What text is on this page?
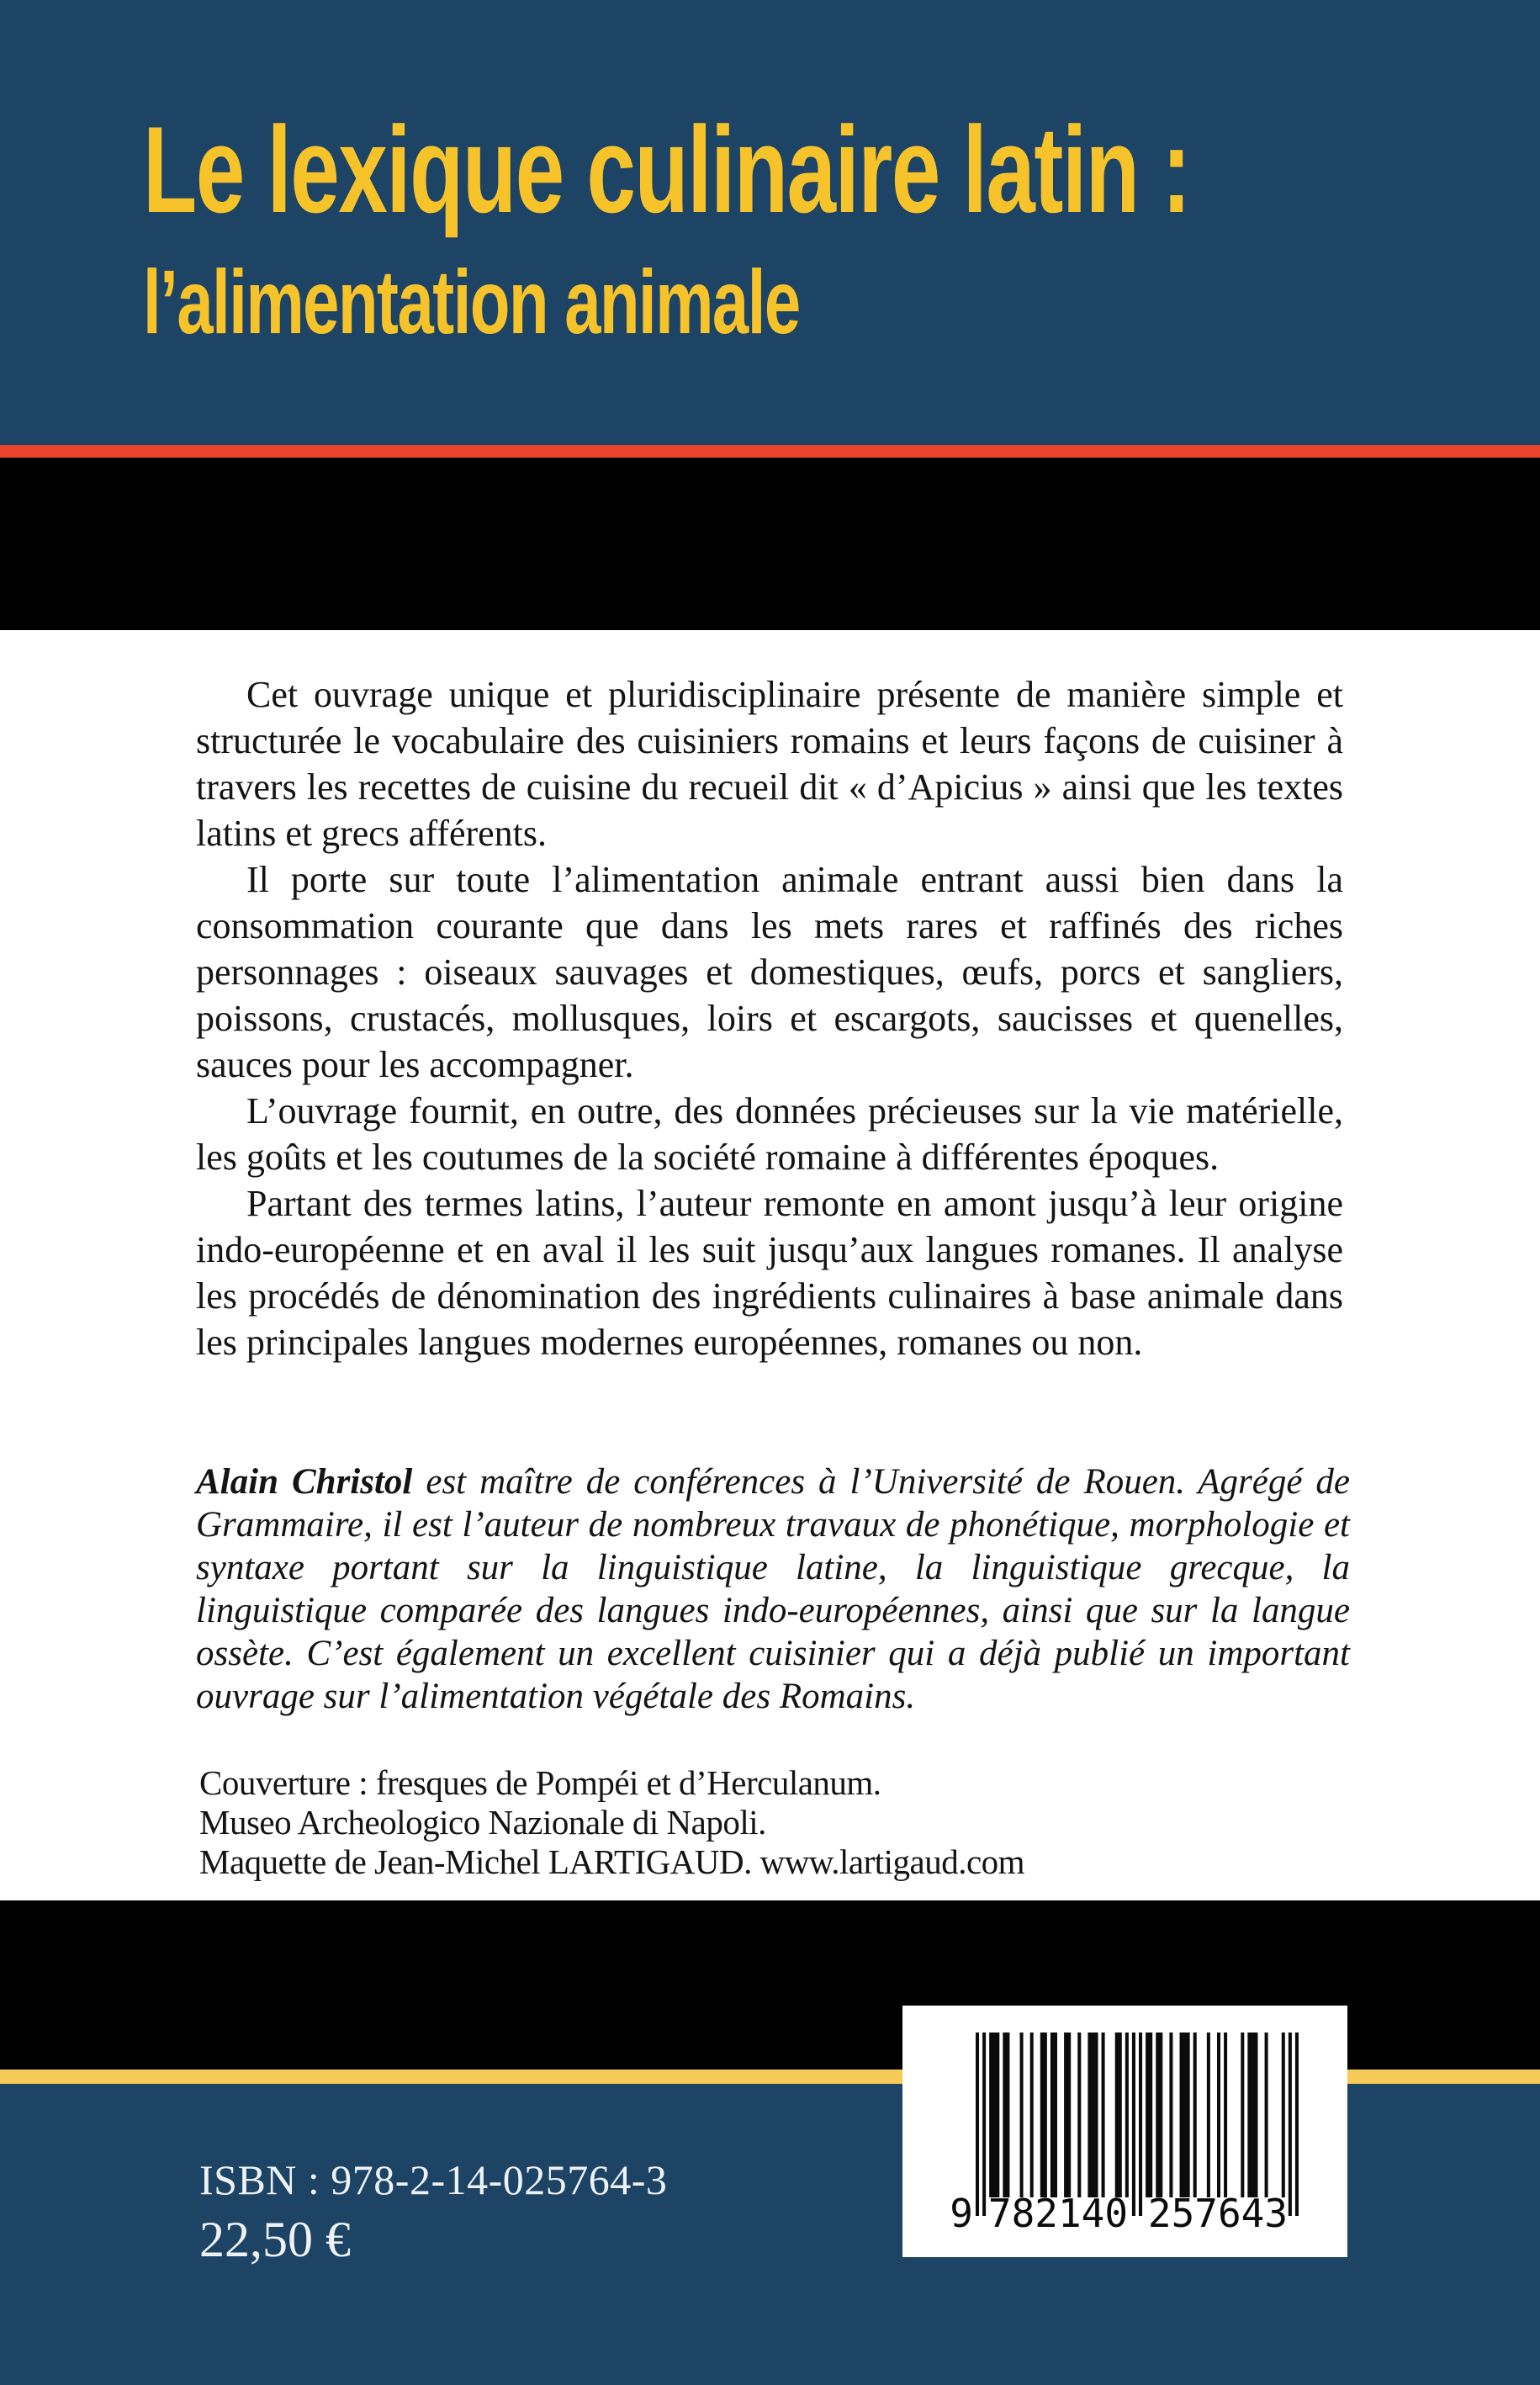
Le lexique culinaire latin :
l’alimentation animale

Cet ouvrage unique et pluridisciplinaire présente de manière simple et structurée le vocabulaire des cuisiniers romains et leurs façons de cuisiner à travers les recettes de cuisine du recueil dit « d’Apicius » ainsi que les textes latins et grecs afférents.

Il porte sur toute l’alimentation animale entrant aussi bien dans la consommation courante que dans les mets rares et raffinés des riches personnages : oiseaux sauvages et domestiques, œufs, porcs et sangliers, poissons, crustacés, mollusques, loirs et escargots, saucisses et quenelles, sauces pour les accompagner.

L’ouvrage fournit, en outre, des données précieuses sur la vie matérielle, les goûts et les coutumes de la société romaine à différentes époques.

Partant des termes latins, l’auteur remonte en amont jusqu’à leur origine indo-européenne et en aval il les suit jusqu’aux langues romanes. Il analyse les procédés de dénomination des ingrédients culinaires à base animale dans les principales langues modernes européennes, romanes ou non.

Alain Christol est maître de conférences à l’Université de Rouen. Agrégé de Grammaire, il est l’auteur de nombreux travaux de phonétique, morphologie et syntaxe portant sur la linguistique latine, la linguistique grecque, la linguistique comparée des langues indo-européennes, ainsi que sur la langue ossète. C’est également un excellent cuisinier qui a déjà publié un important ouvrage sur l’alimentation végétale des Romains.
Couverture : fresques de Pompéi et d’Herculanum.
Museo Archeologico Nazionale di Napoli.
Maquette de Jean-Michel LARTIGAUD. www.lartigaud.com
ISBN : 978-2-14-025764-3
22,50 €	9 782140 257643
